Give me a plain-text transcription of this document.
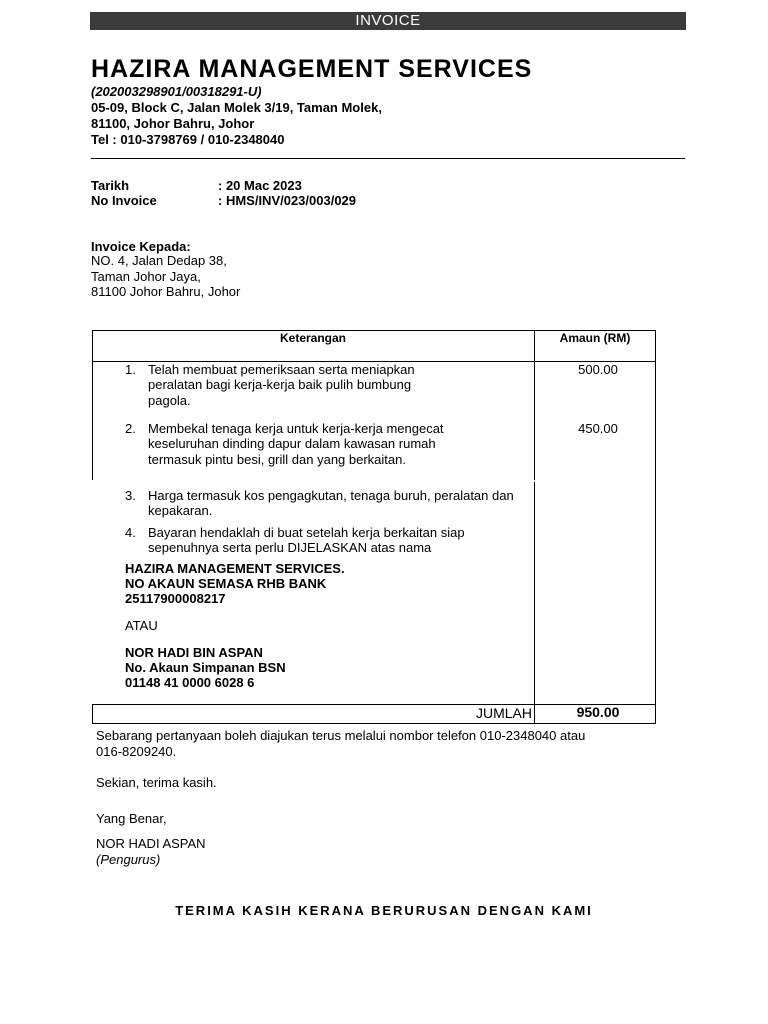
INVOICE
HAZIRA MANAGEMENT SERVICES
(202003298901/00318291-U)
05-09, Block C, Jalan Molek 3/19, Taman Molek,
81100, Johor Bahru, Johor
Tel : 010-3798769 / 010-2348040
Tarikh	: 20 Mac 2023
No Invoice	: HMS/INV/023/003/029
Invoice Kepada:
NO. 4, Jalan Dedap 38,
Taman Johor Jaya,
81100 Johor Bahru, Johor
Keterangan	Amaun (RM)
1. Telah membuat pemeriksaan serta meniapkan
peralatan bagi kerja-kerja baik pulih bumbung
pagola.
500.00
2. Membekal tenaga kerja untuk kerja-kerja mengecat
keseluruhan dinding dapur dalam kawasan rumah
termasuk pintu besi, grill dan yang berkaitan.
450.00
3. Harga termasuk kos pengagkutan, tenaga buruh, peralatan dan
kepakaran.
4. Bayaran hendaklah di buat setelah kerja berkaitan siap
sepenuhnya serta perlu DIJELASKAN atas nama
HAZIRA MANAGEMENT SERVICES.
NO AKAUN SEMASA RHB BANK
25117900008217
ATAU
NOR HADI BIN ASPAN
No. Akaun Simpanan BSN
01148 41 0000 6028 6
JUMLAH	950.00
Sebarang pertanyaan boleh diajukan terus melalui nombor telefon 010-2348040 atau
016-8209240.
Sekian, terima kasih.
Yang Benar,
NOR HADI ASPAN
(Pengurus)
TERIMA KASIH KERANA BERURUSAN DENGAN KAMI
